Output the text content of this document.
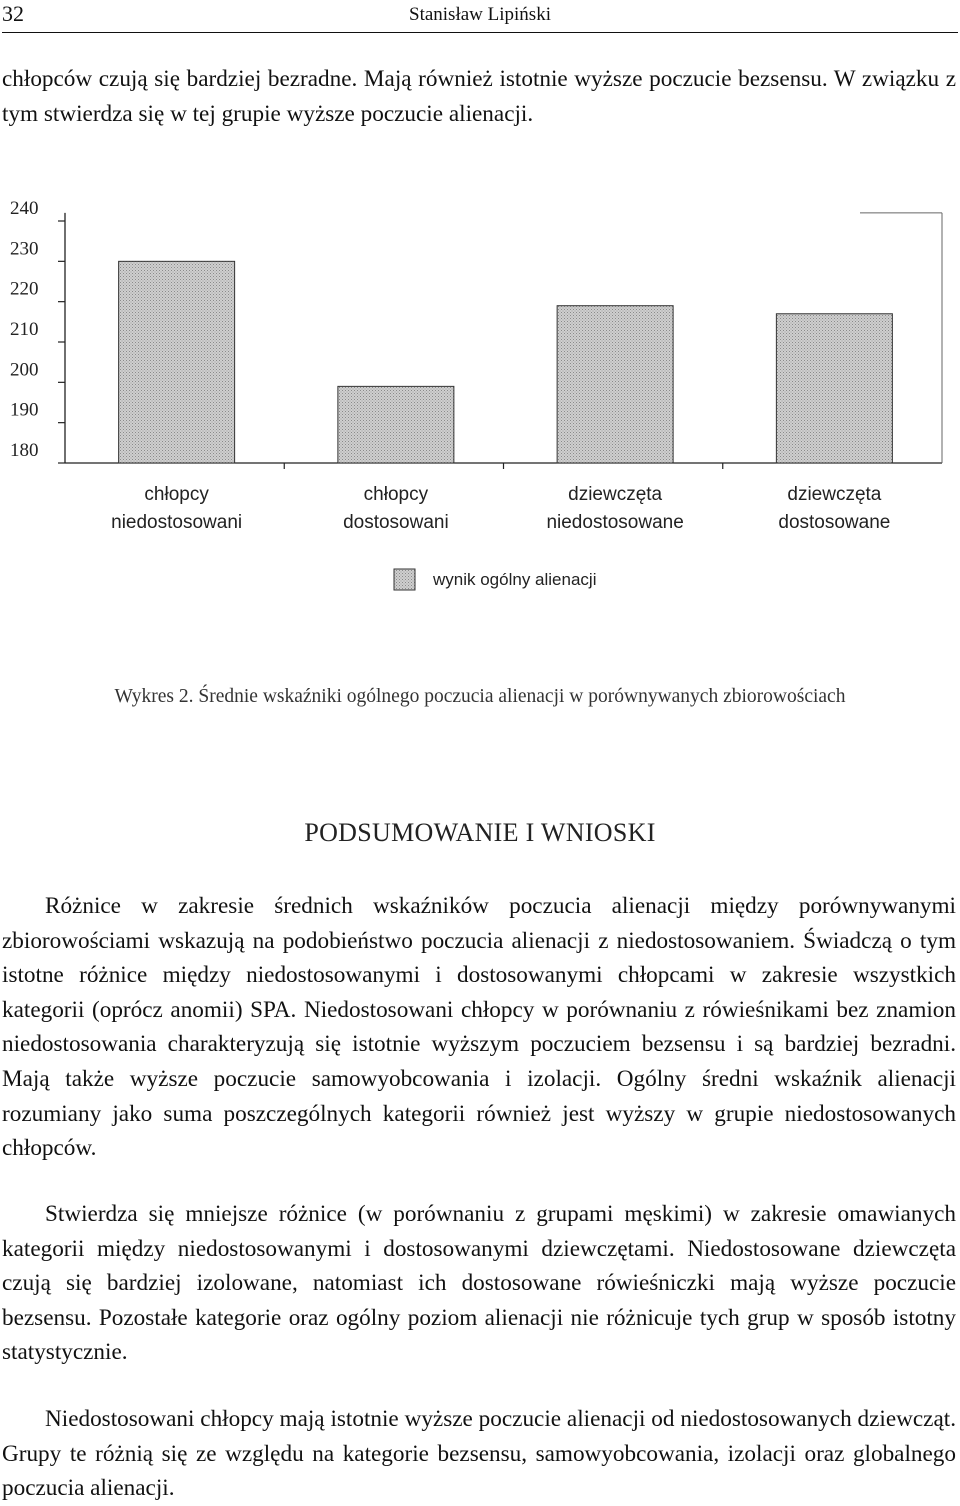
32	Stanisław Lipiński

chłopców czują się bardziej bezradne. Mają również istotnie wyższe poczucie bezsensu. W związku z tym stwierdza się w tej grupie wyższe poczucie alienacji.

240
230
220
210
200
190
180
chłopcy
niedostosowani
chłopcy
dostosowani
dziewczęta
niedostosowane
dziewczęta
dostosowane
wynik ogólny alienacji
Wykres 2. Średnie wskaźniki ogólnego poczucia alienacji w porównywanych zbiorowościach
PODSUMOWANIE I WNIOSKI

Różnice w zakresie średnich wskaźników poczucia alienacji między porównywanymi zbiorowościami wskazują na podobieństwo poczucia alienacji z niedostosowaniem. Świadczą o tym istotne różnice między niedostosowanymi i dostosowanymi chłopcami w zakresie wszystkich kategorii (oprócz anomii) SPA. Niedostosowani chłopcy w porównaniu z rówieśnikami bez znamion niedostosowania charakteryzują się istotnie wyższym poczuciem bezsensu i są bardziej bezradni. Mają także wyższe poczucie samowyobcowania i izolacji. Ogólny średni wskaźnik alienacji rozumiany jako suma poszczególnych kategorii również jest wyższy w grupie niedostosowanych chłopców.

Stwierdza się mniejsze różnice (w porównaniu z grupami męskimi) w zakresie omawianych kategorii między niedostosowanymi i dostosowanymi dziewczętami. Niedostosowane dziewczęta czują się bardziej izolowane, natomiast ich dostosowane rówieśniczki mają wyższe poczucie bezsensu. Pozostałe kategorie oraz ogólny poziom alienacji nie różnicuje tych grup w sposób istotny statystycznie.

Niedostosowani chłopcy mają istotnie wyższe poczucie alienacji od niedostosowanych dziewcząt. Grupy te różnią się ze względu na kategorie bezsensu, samowyobcowania, izolacji oraz globalnego poczucia alienacji.
